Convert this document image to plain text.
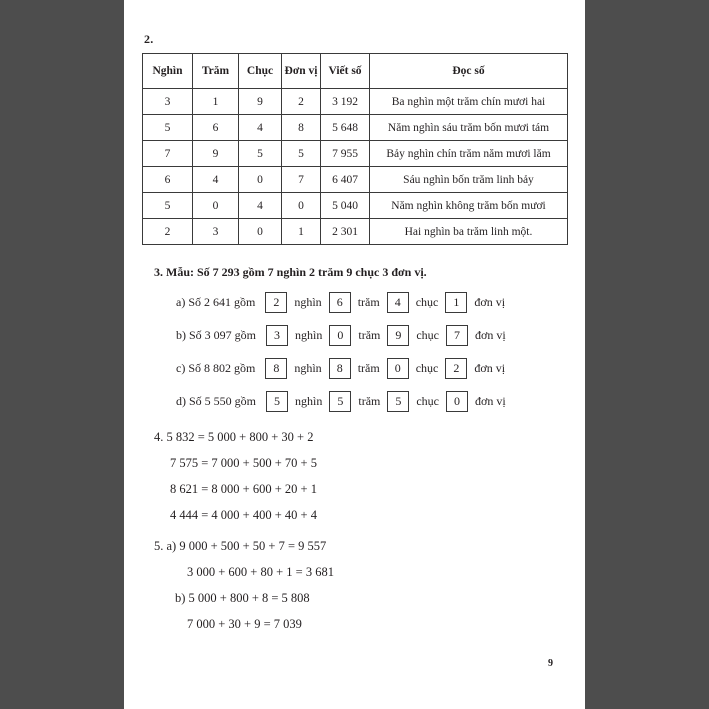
2.
Nghìn	Trăm	Chục	Đơn vị	Viết số	Đọc số
3	1	9	2	3 192	Ba nghìn một trăm chín mươi hai
5	6	4	8	5 648	Năm nghìn sáu trăm bốn mươi tám
7	9	5	5	7 955	Bảy nghìn chín trăm năm mươi lăm
6	4	0	7	6 407	Sáu nghìn bốn trăm linh bảy
5	0	4	0	5 040	Năm nghìn không trăm bốn mươi
2	3	0	1	2 301	Hai nghìn ba trăm linh một.
3. Mẫu: Số 7 293 gồm 7 nghìn 2 trăm 9 chục 3 đơn vị.
a) Số 2 641 gồm	2	nghìn	6	trăm	4	chục	1	đơn vị
b) Số 3 097 gồm	3	nghìn	0	trăm	9	chục	7	đơn vị
c) Số 8 802 gồm	8	nghìn	8	trăm	0	chục	2	đơn vị
d) Số 5 550 gồm	5	nghìn	5	trăm	5	chục	0	đơn vị
4. 5 832 = 5 000 + 800 + 30 + 2
7 575 = 7 000 + 500 + 70 + 5
8 621 = 8 000 + 600 + 20 + 1
4 444 = 4 000 + 400 + 40 + 4
5. a) 9 000 + 500 + 50 + 7 = 9 557
3 000 + 600 + 80 + 1 = 3 681
b) 5 000 + 800 + 8 = 5 808
7 000 + 30 + 9 = 7 039
9
